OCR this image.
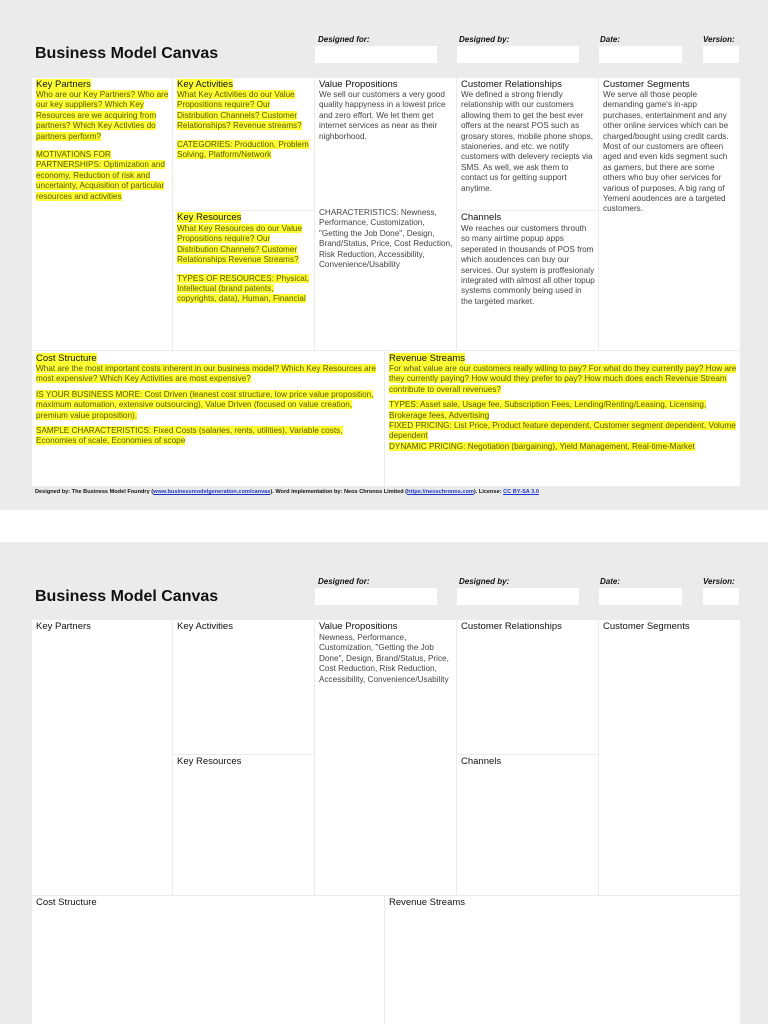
Business Model Canvas
Designed for:	Designed by:	Date:	Version:
Key Partners
Who are our Key Partners? Who are our key suppliers? Which Key Resources are we acquiring from partners? Which Key Activties do partners perform?
MOTIVATIONS FOR PARTNERSHIPS: Optimization and economy, Reduction of risk and uncertainty, Acquisition of particular resources and activities
Key Activities
What Key Activities do our Value Propositions require? Our Distribution Channels? Customer Relationships? Revenue streams?
CATEGORIES: Production, Problem Solving, Platform/Network
Key Resources
What Key Resources do our Value Propositions require? Our Distribution Channels? Customer Relationships Revenue Streams?
TYPES OF RESOURCES: Physical, Intellectual (brand patents, copyrights, data), Human, Financial
Value Propositions
We sell our customers a very good quality happyness in a lowest price and zero effort. We let them get internet services as near as their nighborhood.
CHARACTERISTICS: Newness, Performance, Customization, "Getting the Job Done", Design, Brand/Status, Price, Cost Reduction, Risk Reduction, Accessibility, Convenience/Usability
Customer Relationships
We defined a strong friendly relationship with our customers allowing them to get the best ever offers at the nearst POS such as grosary stores, mobile phone shops, staioneries, and etc. we notify customers with delevery reciepts via SMS. As well, we ask them to contact us for getting support anytime.
Channels
We reaches our customers throuth so many airtime popup apps seperated in thousands of POS from which aoudences can buy our services. Our system is proffesionaly integrated with almost all other topup systems commonly being used in the targeted market.
Customer Segments
We serve all those people demanding game's in-app purchases, entertainment and any other online services which can be charged/bought using credit cards. Most of our customers are ofteen aged and even kids segment such as gamers, but there are some others who buy oher services for various of purposes. A big rang of Yemeni aoudences are a targeted customers.
Cost Structure
What are the most important costs inherent in our business model? Which Key Resources are most expensive? Which Key Activities are most expensive?
IS YOUR BUSINESS MORE: Cost Driven (leanest cost structure, low price value proposition, maximum automation, extensive outsourcing), Value Driven (focused on value creation, premium value proposition).
SAMPLE CHARACTERISTICS: Fixed Costs (salaries, rents, utilities), Variable costs, Economies of scale, Economies of scope
Revenue Streams
For what value are our customers really willing to pay? For what do they currently pay? How are they currently paying? How would they prefer to pay? How much does each Revenue Stream contribute to overall revenues?
TYPES: Asset sale, Usage fee, Subscription Fees, Lending/Renting/Leasing, Licensing, Brokerage fees, Advertising
FIXED PRICING: List Price, Product feature dependent, Customer segment dependent, Volume dependent
DYNAMIC PRICING: Negotiation (bargaining), Yield Management, Real-time-Market
Designed by: The Business Model Foundry (www.businessmodelgeneration.com/canvas). Word implementation by: Neos Chronos Limited (https://neoschronos.com). License: CC BY-SA 3.0
Business Model Canvas
Designed for:	Designed by:	Date:	Version:
Key Partners	Key Activities
Key Resources
Value Propositions
Newness, Performance, Customization, "Getting the Job Done", Design, Brand/Status, Price, Cost Reduction, Risk Reduction, Accessibility, Convenience/Usability
Customer Relationships
Channels
Customer Segments
Cost Structure	Revenue Streams
